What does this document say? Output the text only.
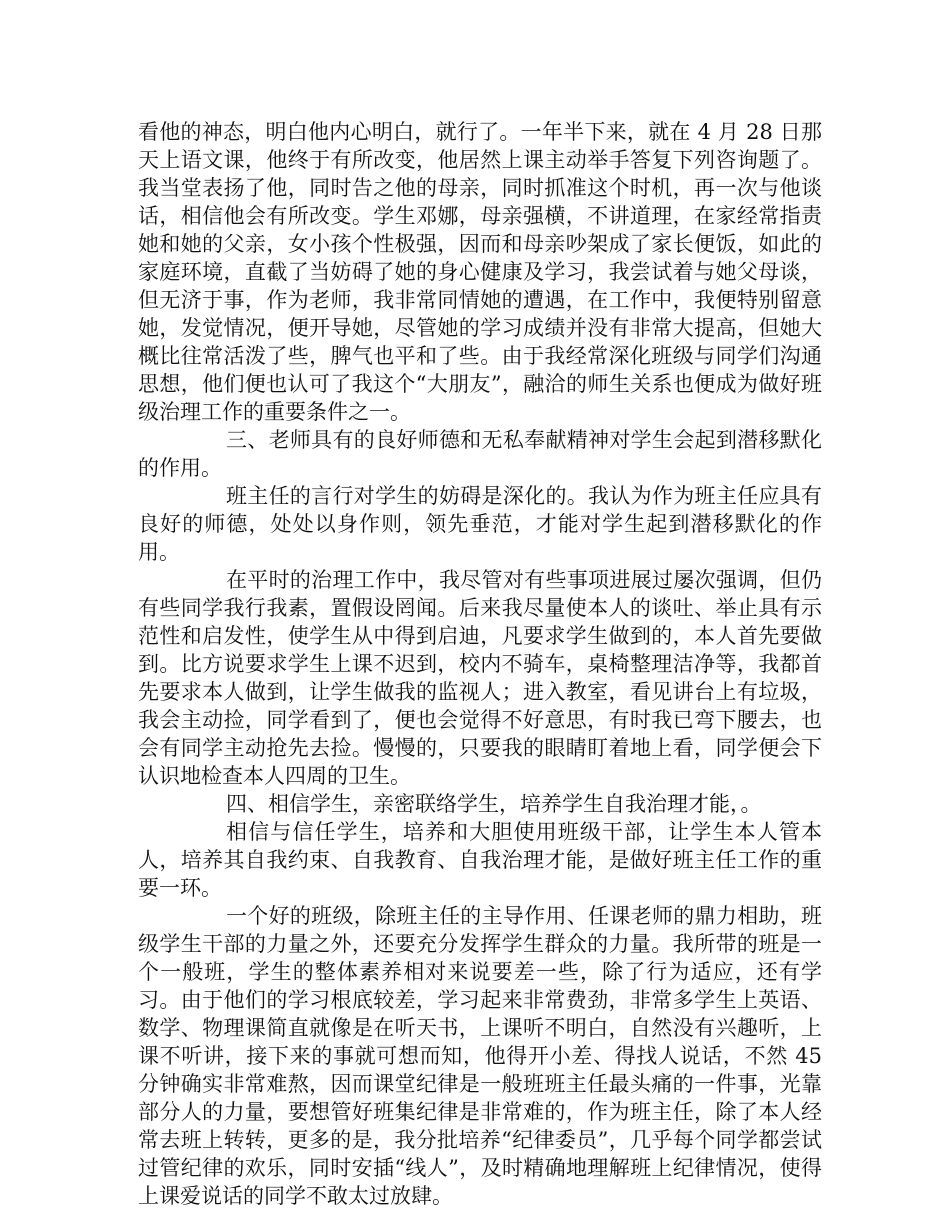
看他的神态，明白他内心明白，就行了。一年半下来，就在 4 月 28 日那天上语文课，他终于有所改变，他居然上课主动举手答复下列咨询题了。我当堂表扬了他，同时告之他的母亲，同时抓准这个时机，再一次与他谈话，相信他会有所改变。学生邓娜，母亲强横，不讲道理，在家经常指责她和她的父亲，女小孩个性极强，因而和母亲吵架成了家长便饭，如此的家庭环境，直截了当妨碍了她的身心健康及学习，我尝试着与她父母谈，但无济于事，作为老师，我非常同情她的遭遇，在工作中，我便特别留意她，发觉情况，便开导她，尽管她的学习成绩并没有非常大提高，但她大概比往常活泼了些，脾气也平和了些。由于我经常深化班级与同学们沟通思想，他们便也认可了我这个“大朋友”，融洽的师生关系也便成为做好班级治理工作的重要条件之一。

三、老师具有的良好师德和无私奉献精神对学生会起到潜移默化的作用。

班主任的言行对学生的妨碍是深化的。我认为作为班主任应具有良好的师德，处处以身作则，领先垂范，才能对学生起到潜移默化的作用。

在平时的治理工作中，我尽管对有些事项进展过屡次强调，但仍有些同学我行我素，置假设罔闻。后来我尽量使本人的谈吐、举止具有示范性和启发性，使学生从中得到启迪，凡要求学生做到的，本人首先要做到。比方说要求学生上课不迟到，校内不骑车，桌椅整理洁净等，我都首先要求本人做到，让学生做我的监视人；进入教室，看见讲台上有垃圾，我会主动捡，同学看到了，便也会觉得不好意思，有时我已弯下腰去，也会有同学主动抢先去捡。慢慢的，只要我的眼睛盯着地上看，同学便会下认识地检查本人四周的卫生。

四、相信学生，亲密联络学生，培养学生自我治理才能，。

相信与信任学生，培养和大胆使用班级干部，让学生本人管本人，培养其自我约束、自我教育、自我治理才能，是做好班主任工作的重要一环。

一个好的班级，除班主任的主导作用、任课老师的鼎力相助，班级学生干部的力量之外，还要充分发挥学生群众的力量。我所带的班是一个一般班，学生的整体素养相对来说要差一些，除了行为适应，还有学习。由于他们的学习根底较差，学习起来非常费劲，非常多学生上英语、数学、物理课简直就像是在听天书，上课听不明白，自然没有兴趣听，上课不听讲，接下来的事就可想而知，他得开小差、得找人说话，不然 45 分钟确实非常难熬，因而课堂纪律是一般班班主任最头痛的一件事，光靠部分人的力量，要想管好班集纪律是非常难的，作为班主任，除了本人经常去班上转转，更多的是，我分批培养“纪律委员”，几乎每个同学都尝试过管纪律的欢乐，同时安插“线人”，及时精确地理解班上纪律情况，使得上课爱说话的同学不敢太过放肆。
